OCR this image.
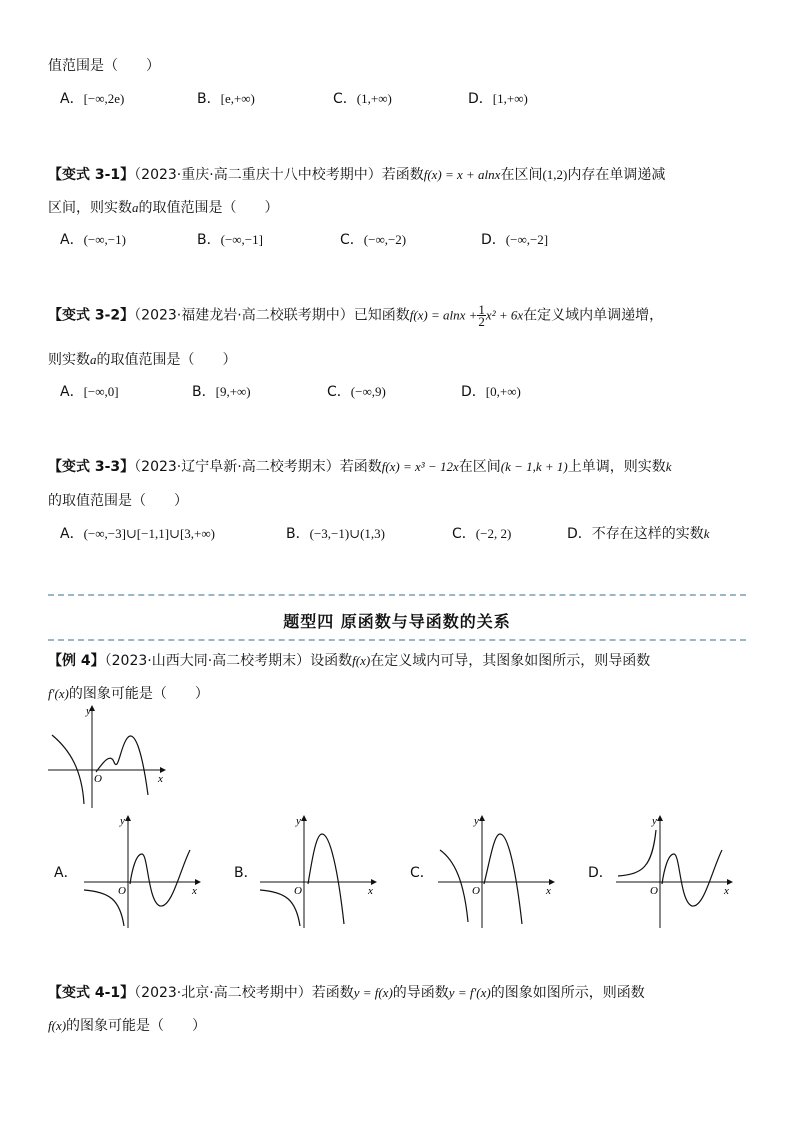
值范围是（　　）
A．[−∞,2e)	B．[e,+∞)	C．(1,+∞)	D．[1,+∞)
【变式 3-1】（2023·重庆·高二重庆十八中校考期中）若函数f(x) = x + alnx在区间(1,2)内存在单调递减
区间，则实数a的取值范围是（　　）
A．(−∞,−1)	B．(−∞,−1]	C．(−∞,−2)	D．(−∞,−2]
【变式 3-2】（2023·福建龙岩·高二校联考期中）已知函数$f(x) = alnx + \frac{1}{2} x^2 + 6x$在定义域内单调递增，
则实数a的取值范围是（　　）
A．[−∞,0]	B．[9,+∞)	C．(−∞,9)	D．[0,+∞)
【变式 3-3】（2023·辽宁阜新·高二校考期末）若函数f(x) = x³ − 12x在区间(k − 1,k + 1)上单调，则实数k
的取值范围是（　　）
A．(−∞,−3]∪[−1,1]∪[3,+∞)	B．(−3,−1)∪(1,3)	C．(−2, 2)	D．不存在这样的实数k
题型四 原函数与导函数的关系
【例 4】（2023·山西大同·高二校考期末）设函数f(x)在定义域内可导，其图象如图所示，则导函数
f′(x)的图象可能是（　　）
y
x
O
A．
y
x
O
B．
y
x
O
C．
y
x
O
D．
y
x
O
【变式 4-1】（2023·北京·高二校考期中）若函数y = f(x)的导函数y = f′(x)的图象如图所示，则函数
f(x)的图象可能是（　　）
